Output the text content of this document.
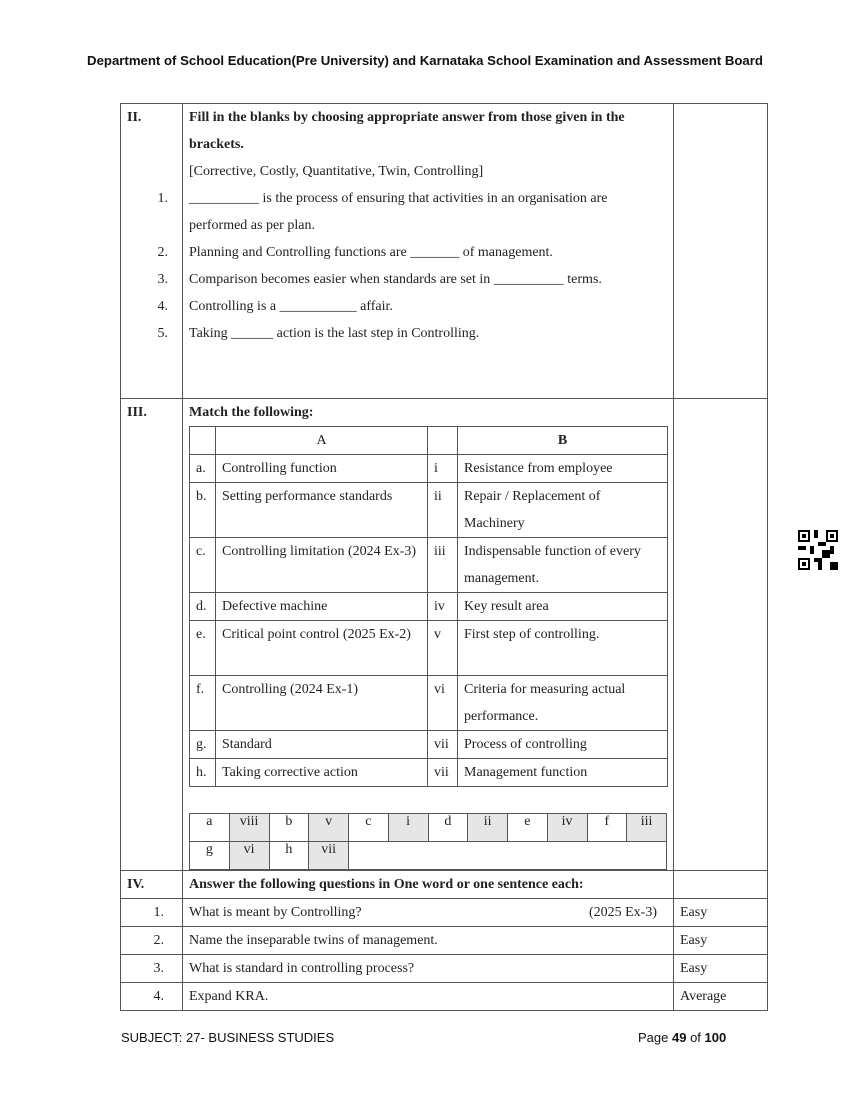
Department of School Education(Pre University) and Karnataka School Examination and Assessment Board
II.	Fill in the blanks by choosing appropriate answer from those given in the brackets.
[Corrective, Costly, Quantitative, Twin, Controlling]
1. __________ is the process of ensuring that activities in an organisation are
performed as per plan.
2. Planning and Controlling functions are _______ of management.
3. Comparison becomes easier when standards are set in __________ terms.
4. Controlling is a ___________ affair.
5. Taking ______ action is the last step in Controlling.

III.	Match the following:
	A		B
a.	Controlling function	i	Resistance from employee
b.	Setting performance standards	ii	Repair / Replacement of Machinery
c.	Controlling limitation (2024 Ex-3)	iii	Indispensable function of every management.
d.	Defective machine	iv	Key result area
e.	Critical point control (2025 Ex-2)	v	First step of controlling.
f.	Controlling (2024 Ex-1)	vi	Criteria for measuring actual performance.
g.	Standard	vii	Process of controlling
h.	Taking corrective action	vii	Management function
a	viii	b	v	c	i	d	ii	e	iv	f	iii
g	vi	h	vii	

IV.	Answer the following questions in One word or one sentence each:

1.	What is meant by Controlling?	(2025 Ex-3)	Easy

2.	Name the inseparable twins of management.	Easy

3.	What is standard in controlling process?	Easy

4.	Expand KRA.	Average
SUBJECT: 27- BUSINESS STUDIES	Page 49 of 100
